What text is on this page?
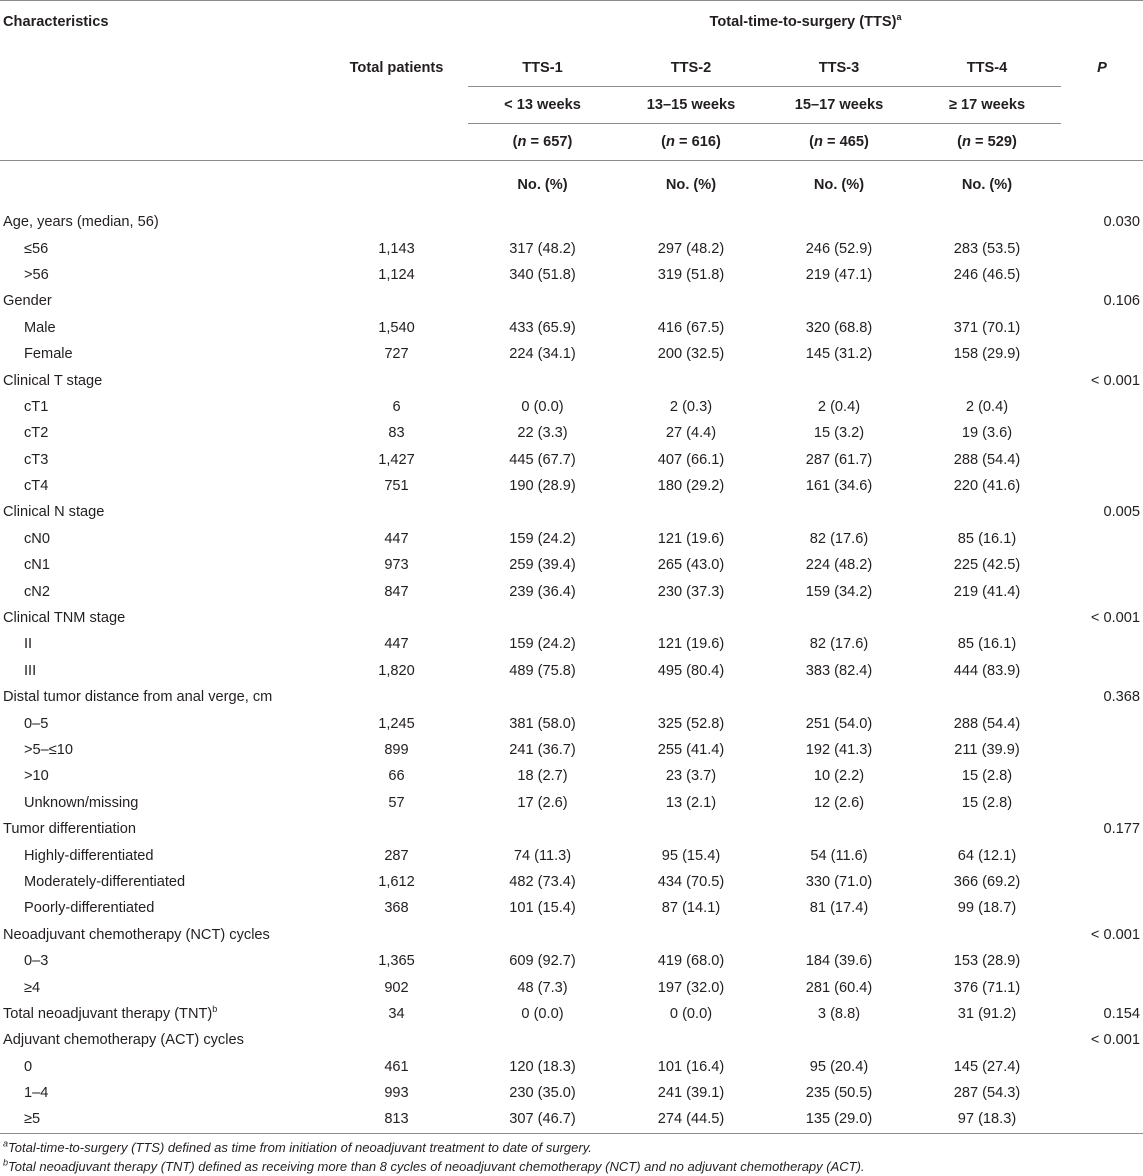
Characteristics		Total-time-to-surgery (TTS)$^a$
	Total patients	TTS-1	TTS-2	TTS-3	TTS-4	P
		< 13 weeks	13–15 weeks	15–17 weeks	≥ 17 weeks	
		(n = 657)	(n = 616)	(n = 465)	(n = 529)	
		No. (%)	No. (%)	No. (%)	No. (%)	
Age, years (median, 56)						0.030
≤56	1,143	317 (48.2)	297 (48.2)	246 (52.9)	283 (53.5)	
>56	1,124	340 (51.8)	319 (51.8)	219 (47.1)	246 (46.5)	
Gender						0.106
Male	1,540	433 (65.9)	416 (67.5)	320 (68.8)	371 (70.1)	
Female	727	224 (34.1)	200 (32.5)	145 (31.2)	158 (29.9)	
Clinical T stage						< 0.001
cT1	6	0 (0.0)	2 (0.3)	2 (0.4)	2 (0.4)	
cT2	83	22 (3.3)	27 (4.4)	15 (3.2)	19 (3.6)	
cT3	1,427	445 (67.7)	407 (66.1)	287 (61.7)	288 (54.4)	
cT4	751	190 (28.9)	180 (29.2)	161 (34.6)	220 (41.6)	
Clinical N stage						0.005
cN0	447	159 (24.2)	121 (19.6)	82 (17.6)	85 (16.1)	
cN1	973	259 (39.4)	265 (43.0)	224 (48.2)	225 (42.5)	
cN2	847	239 (36.4)	230 (37.3)	159 (34.2)	219 (41.4)	
Clinical TNM stage						< 0.001
II	447	159 (24.2)	121 (19.6)	82 (17.6)	85 (16.1)	
III	1,820	489 (75.8)	495 (80.4)	383 (82.4)	444 (83.9)	
Distal tumor distance from anal verge, cm						0.368
0–5	1,245	381 (58.0)	325 (52.8)	251 (54.0)	288 (54.4)	
>5–≤10	899	241 (36.7)	255 (41.4)	192 (41.3)	211 (39.9)	
>10	66	18 (2.7)	23 (3.7)	10 (2.2)	15 (2.8)	
Unknown/missing	57	17 (2.6)	13 (2.1)	12 (2.6)	15 (2.8)	
Tumor differentiation						0.177
Highly-differentiated	287	74 (11.3)	95 (15.4)	54 (11.6)	64 (12.1)	
Moderately-differentiated	1,612	482 (73.4)	434 (70.5)	330 (71.0)	366 (69.2)	
Poorly-differentiated	368	101 (15.4)	87 (14.1)	81 (17.4)	99 (18.7)	
Neoadjuvant chemotherapy (NCT) cycles						< 0.001
0–3	1,365	609 (92.7)	419 (68.0)	184 (39.6)	153 (28.9)	
≥4	902	48 (7.3)	197 (32.0)	281 (60.4)	376 (71.1)	
Total neoadjuvant therapy (TNT)$^b$	34	0 (0.0)	0 (0.0)	3 (8.8)	31 (91.2)	0.154
Adjuvant chemotherapy (ACT) cycles						< 0.001
0	461	120 (18.3)	101 (16.4)	95 (20.4)	145 (27.4)	
1–4	993	230 (35.0)	241 (39.1)	235 (50.5)	287 (54.3)	
≥5	813	307 (46.7)	274 (44.5)	135 (29.0)	97 (18.3)	
$^a$Total-time-to-surgery (TTS) defined as time from initiation of neoadjuvant treatment to date of surgery.
$^b$Total neoadjuvant therapy (TNT) defined as receiving more than 8 cycles of neoadjuvant chemotherapy (NCT) and no adjuvant chemotherapy (ACT).
